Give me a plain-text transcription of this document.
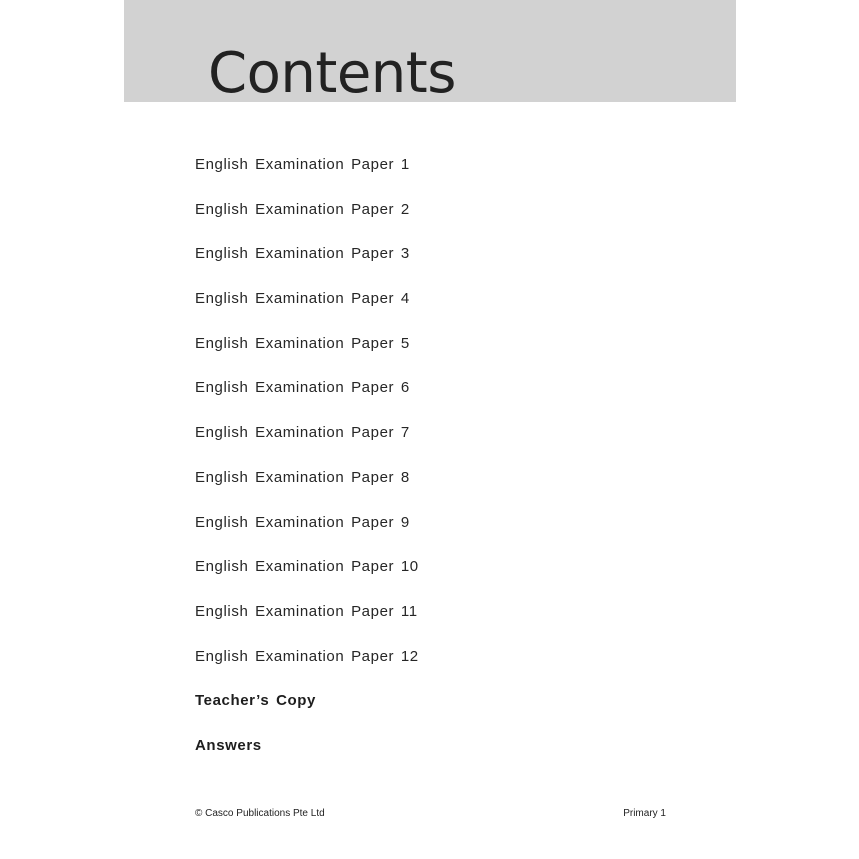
Contents
English Examination Paper 1
English Examination Paper 2
English Examination Paper 3
English Examination Paper 4
English Examination Paper 5
English Examination Paper 6
English Examination Paper 7
English Examination Paper 8
English Examination Paper 9
English Examination Paper 10
English Examination Paper 11
English Examination Paper 12
Teacher’s Copy
Answers
© Casco Publications Pte Ltd	Primary 1
